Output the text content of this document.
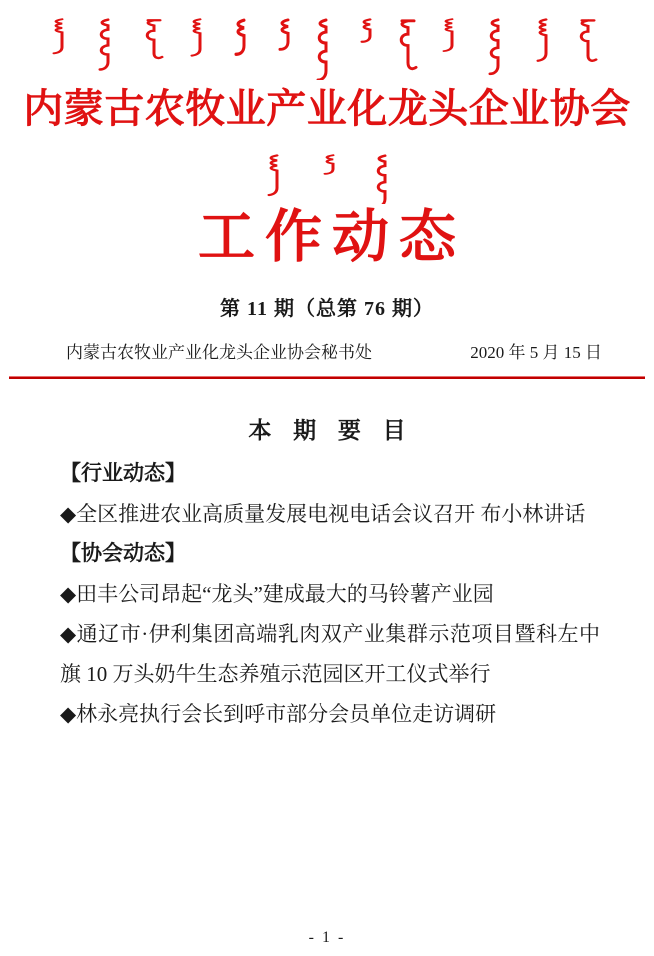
内蒙古农牧业产业化龙头企业协会
工作动态
第 11 期（总第 76 期）
内蒙古农牧业产业化龙头企业协会秘书处	2020 年 5 月 15 日
本 期 要 目
【行业动态】
◆全区推进农业高质量发展电视电话会议召开 布小林讲话
【协会动态】
◆田丰公司昂起“龙头”建成最大的马铃薯产业园
◆通辽市·伊利集团高端乳肉双产业集群示范项目暨科左中旗 10 万头奶牛生态养殖示范园区开工仪式举行
◆林永亮执行会长到呼市部分会员单位走访调研
- 1 -
